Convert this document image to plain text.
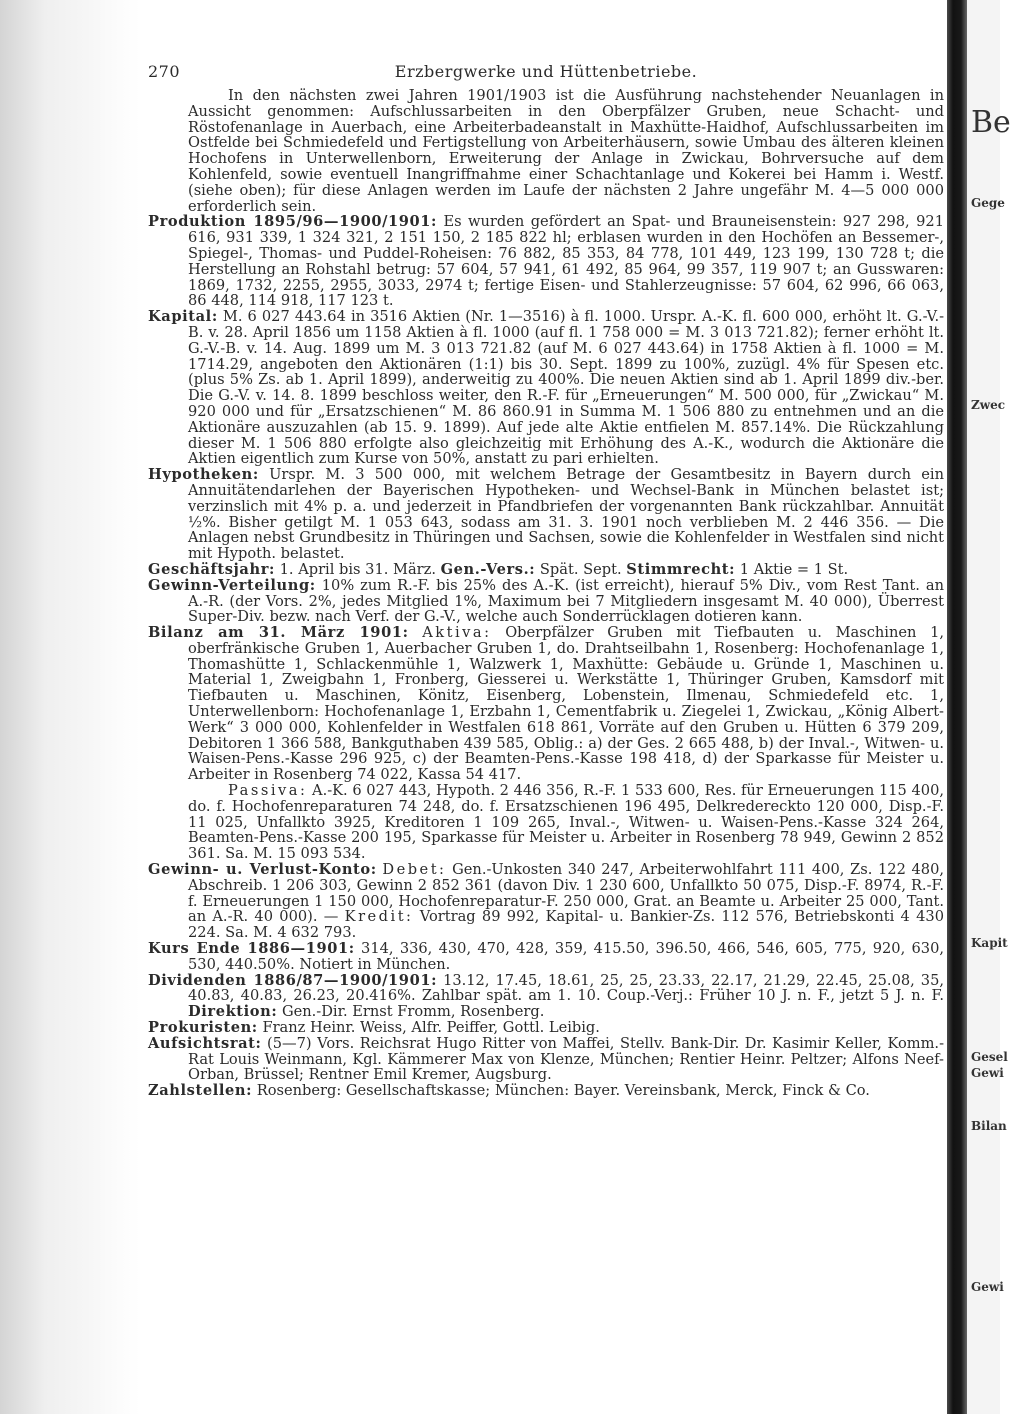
270	Erzbergwerke und Hüttenbetriebe.

In den nächsten zwei Jahren 1901/1903 ist die Ausführung nachstehender Neuanlagen in Aussicht genommen: Aufschlussarbeiten in den Oberpfälzer Gruben, neue Schacht- und Röstofenanlage in Auerbach, eine Arbeiterbadeanstalt in Maxhütte-Haidhof, Aufschlussarbeiten im Ostfelde bei Schmiedefeld und Fertigstellung von Arbeiterhäusern, sowie Umbau des älteren kleinen Hochofens in Unterwellenborn, Erweiterung der Anlage in Zwickau, Bohrversuche auf dem Kohlenfeld, sowie eventuell Inangriffnahme einer Schachtanlage und Kokerei bei Hamm i. Westf. (siehe oben); für diese Anlagen werden im Laufe der nächsten 2 Jahre ungefähr M. 4—5 000 000 erforderlich sein.

Produktion 1895/96—1900/1901: Es wurden gefördert an Spat- und Brauneisenstein: 927 298, 921 616, 931 339, 1 324 321, 2 151 150, 2 185 822 hl; erblasen wurden in den Hochöfen an Bessemer-, Spiegel-, Thomas- und Puddel-Roheisen: 76 882, 85 353, 84 778, 101 449, 123 199, 130 728 t; die Herstellung an Rohstahl betrug: 57 604, 57 941, 61 492, 85 964, 99 357, 119 907 t; an Gusswaren: 1869, 1732, 2255, 2955, 3033, 2974 t; fertige Eisen- und Stahlerzeugnisse: 57 604, 62 996, 66 063, 86 448, 114 918, 117 123 t.

Kapital: M. 6 027 443.64 in 3516 Aktien (Nr. 1—3516) à fl. 1000. Urspr. A.-K. fl. 600 000, erhöht lt. G.-V.-B. v. 28. April 1856 um 1158 Aktien à fl. 1000 (auf fl. 1 758 000 = M. 3 013 721.82); ferner erhöht lt. G.-V.-B. v. 14. Aug. 1899 um M. 3 013 721.82 (auf M. 6 027 443.64) in 1758 Aktien à fl. 1000 = M. 1714.29, angeboten den Aktionären (1:1) bis 30. Sept. 1899 zu 100%, zuzügl. 4% für Spesen etc. (plus 5% Zs. ab 1. April 1899), anderweitig zu 400%. Die neuen Aktien sind ab 1. April 1899 div.-ber. Die G.-V. v. 14. 8. 1899 beschloss weiter, den R.-F. für „Erneuerungen“ M. 500 000, für „Zwickau“ M. 920 000 und für „Ersatzschienen“ M. 86 860.91 in Summa M. 1 506 880 zu entnehmen und an die Aktionäre auszuzahlen (ab 15. 9. 1899). Auf jede alte Aktie entfielen M. 857.14%. Die Rückzahlung dieser M. 1 506 880 erfolgte also gleichzeitig mit Erhöhung des A.-K., wodurch die Aktionäre die Aktien eigentlich zum Kurse von 50%, anstatt zu pari erhielten.

Hypotheken: Urspr. M. 3 500 000, mit welchem Betrage der Gesamtbesitz in Bayern durch ein Annuitätendarlehen der Bayerischen Hypotheken- und Wechsel-Bank in München belastet ist; verzinslich mit 4% p. a. und jederzeit in Pfandbriefen der vorgenannten Bank rückzahlbar. Annuität ½%. Bisher getilgt M. 1 053 643, sodass am 31. 3. 1901 noch verblieben M. 2 446 356. — Die Anlagen nebst Grundbesitz in Thüringen und Sachsen, sowie die Kohlenfelder in Westfalen sind nicht mit Hypoth. belastet.

Geschäftsjahr: 1. April bis 31. März. Gen.-Vers.: Spät. Sept. Stimmrecht: 1 Aktie = 1 St.

Gewinn-Verteilung: 10% zum R.-F. bis 25% des A.-K. (ist erreicht), hierauf 5% Div., vom Rest Tant. an A.-R. (der Vors. 2%, jedes Mitglied 1%, Maximum bei 7 Mitgliedern insgesamt M. 40 000), Überrest Super-Div. bezw. nach Verf. der G.-V., welche auch Sonderrücklagen dotieren kann.

Bilanz am 31. März 1901: Aktiva: Oberpfälzer Gruben mit Tiefbauten u. Maschinen 1, oberfränkische Gruben 1, Auerbacher Gruben 1, do. Drahtseilbahn 1, Rosenberg: Hochofenanlage 1, Thomashütte 1, Schlackenmühle 1, Walzwerk 1, Maxhütte: Gebäude u. Gründe 1, Maschinen u. Material 1, Zweigbahn 1, Fronberg, Giesserei u. Werkstätte 1, Thüringer Gruben, Kamsdorf mit Tiefbauten u. Maschinen, Könitz, Eisenberg, Lobenstein, Ilmenau, Schmiedefeld etc. 1, Unterwellenborn: Hochofenanlage 1, Erzbahn 1, Cementfabrik u. Ziegelei 1, Zwickau, „König Albert-Werk“ 3 000 000, Kohlenfelder in Westfalen 618 861, Vorräte auf den Gruben u. Hütten 6 379 209, Debitoren 1 366 588, Bankguthaben 439 585, Oblig.: a) der Ges. 2 665 488, b) der Inval.-, Witwen- u. Waisen-Pens.-Kasse 296 925, c) der Beamten-Pens.-Kasse 198 418, d) der Sparkasse für Meister u. Arbeiter in Rosenberg 74 022, Kassa 54 417.

Passiva: A.-K. 6 027 443, Hypoth. 2 446 356, R.-F. 1 533 600, Res. für Erneuerungen 115 400, do. f. Hochofenreparaturen 74 248, do. f. Ersatzschienen 196 495, Delkredereckto 120 000, Disp.-F. 11 025, Unfallkto 3925, Kreditoren 1 109 265, Inval.-, Witwen- u. Waisen-Pens.-Kasse 324 264, Beamten-Pens.-Kasse 200 195, Sparkasse für Meister u. Arbeiter in Rosenberg 78 949, Gewinn 2 852 361. Sa. M. 15 093 534.

Gewinn- u. Verlust-Konto: Debet: Gen.-Unkosten 340 247, Arbeiterwohlfahrt 111 400, Zs. 122 480, Abschreib. 1 206 303, Gewinn 2 852 361 (davon Div. 1 230 600, Unfallkto 50 075, Disp.-F. 8974, R.-F. f. Erneuerungen 1 150 000, Hochofenreparatur-F. 250 000, Grat. an Beamte u. Arbeiter 25 000, Tant. an A.-R. 40 000). — Kredit: Vortrag 89 992, Kapital- u. Bankier-Zs. 112 576, Betriebskonti 4 430 224. Sa. M. 4 632 793.

Kurs Ende 1886—1901: 314, 336, 430, 470, 428, 359, 415.50, 396.50, 466, 546, 605, 775, 920, 630, 530, 440.50%. Notiert in München.

Dividenden 1886/87—1900/1901: 13.12, 17.45, 18.61, 25, 25, 23.33, 22.17, 21.29, 22.45, 25.08, 35, 40.83, 40.83, 26.23, 20.416%. Zahlbar spät. am 1. 10. Coup.-Verj.: Früher 10 J. n. F., jetzt 5 J. n. F. Direktion: Gen.-Dir. Ernst Fromm, Rosenberg.

Prokuristen: Franz Heinr. Weiss, Alfr. Peiffer, Gottl. Leibig.

Aufsichtsrat: (5—7) Vors. Reichsrat Hugo Ritter von Maffei, Stellv. Bank-Dir. Dr. Kasimir Keller, Komm.-Rat Louis Weinmann, Kgl. Kämmerer Max von Klenze, München; Rentier Heinr. Peltzer; Alfons Neef-Orban, Brüssel; Rentner Emil Kremer, Augsburg.

Zahlstellen: Rosenberg: Gesellschaftskasse; München: Bayer. Vereinsbank, Merck, Finck & Co.

Be
Gege
Zwec
Kapit
Gesel
Gewi
Bilan
Gewi
